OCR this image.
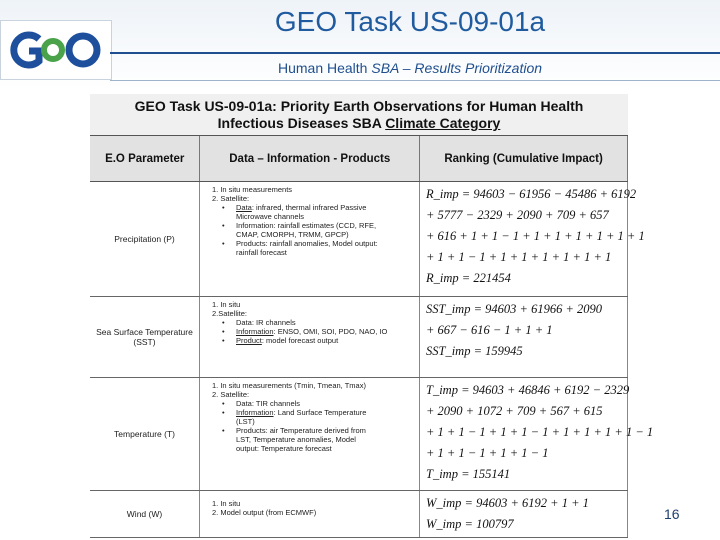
GEO Task US-09-01a
Human Health SBA – Results Prioritization
GEO Task US-09-01a: Priority Earth Observations for Human Health
Infectious Diseases SBA Climate Category
E.O Parameter	Data – Information - Products	Ranking (Cumulative Impact)
Precipitation (P)
1. In situ measurements
2. Satellite:
• Data: infrared, thermal infrared Passive
Microwave channels
• Information: rainfall estimates (CCD, RFE,
CMAP, CMORPH, TRMM, GPCP)
• Products: rainfall anomalies, Model output:
rainfall forecast
R_imp = 94603 − 61956 − 45486 + 6192
+ 5777 − 2329 + 2090 + 709 + 657
+ 616 + 1 + 1 − 1 + 1 + 1 + 1 + 1 + 1 + 1
+ 1 + 1 − 1 + 1 + 1 + 1 + 1 + 1 + 1
R_imp = 221454
Sea Surface Temperature (SST)
1. In situ
2.Satellite:
• Data: IR channels
• Information: ENSO, OMI, SOI, PDO, NAO, IO
• Product: model forecast output
SST_imp = 94603 + 61966 + 2090
+ 667 − 616 − 1 + 1 + 1
SST_imp = 159945
Temperature (T)
1. In situ measurements (Tmin, Tmean, Tmax)
2. Satellite:
• Data: TIR channels
• Information: Land Surface Temperature
(LST)
• Products: air Temperature derived from
LST, Temperature anomalies, Model
output: Temperature forecast
T_imp = 94603 + 46846 + 6192 − 2329
+ 2090 + 1072 + 709 + 567 + 615
+ 1 + 1 − 1 + 1 + 1 − 1 + 1 + 1 + 1 + 1 − 1
+ 1 + 1 − 1 + 1 + 1 − 1
T_imp = 155141
Wind (W)
1. In situ
2. Model output (from ECMWF)
W_imp = 94603 + 6192 + 1 + 1
W_imp = 100797
16
